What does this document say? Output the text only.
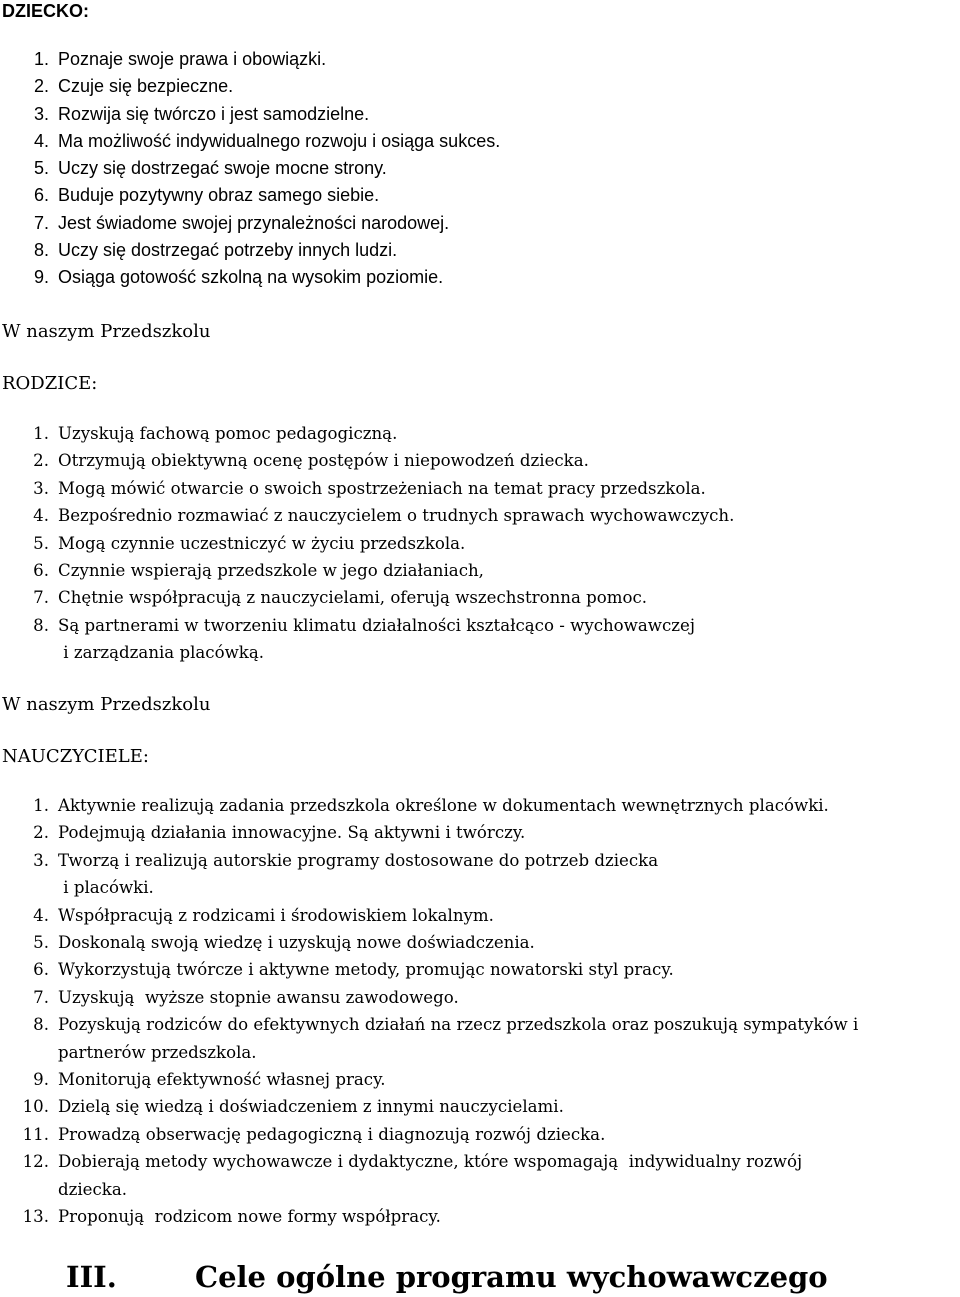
DZIECKO:
1. Poznaje swoje prawa i obowiązki.
2. Czuje się bezpieczne.
3. Rozwija się twórczo i jest samodzielne.
4. Ma możliwość indywidualnego rozwoju i osiąga sukces.
5. Uczy się dostrzegać swoje mocne strony.
6. Buduje pozytywny obraz samego siebie.
7. Jest świadome swojej przynależności narodowej.
8. Uczy się dostrzegać potrzeby innych ludzi.
9. Osiąga gotowość szkolną na wysokim poziomie.
W naszym Przedszkolu
RODZICE:
1. Uzyskują fachową pomoc pedagogiczną.
2. Otrzymują obiektywną ocenę postępów i niepowodzeń dziecka.
3. Mogą mówić otwarcie o swoich spostrzeżeniach na temat pracy przedszkola.
4. Bezpośrednio rozmawiać z nauczycielem o trudnych sprawach wychowawczych.
5. Mogą czynnie uczestniczyć w życiu przedszkola.
6. Czynnie wspierają przedszkole w jego działaniach,
7. Chętnie współpracują z nauczycielami, oferują wszechstronna pomoc.
8. Są partnerami w tworzeniu klimatu działalności kształcąco - wychowawczej
i zarządzania placówką.
W naszym Przedszkolu
NAUCZYCIELE:
1. Aktywnie realizują zadania przedszkola określone w dokumentach wewnętrznych placówki.
2. Podejmują działania innowacyjne. Są aktywni i twórczy.
3. Tworzą i realizują autorskie programy dostosowane do potrzeb dziecka
i placówki.
4. Współpracują z rodzicami i środowiskiem lokalnym.
5. Doskonalą swoją wiedzę i uzyskują nowe doświadczenia.
6. Wykorzystują twórcze i aktywne metody, promując nowatorski styl pracy.
7. Uzyskują  wyższe stopnie awansu zawodowego.
8. Pozyskują rodziców do efektywnych działań na rzecz przedszkola oraz poszukują sympatyków i
partnerów przedszkola.
9. Monitorują efektywność własnej pracy.
10. Dzielą się wiedzą i doświadczeniem z innymi nauczycielami.
11. Prowadzą obserwację pedagogiczną i diagnozują rozwój dziecka.
12. Dobierają metody wychowawcze i dydaktyczne, które wspomagają  indywidualny rozwój
dziecka.
13. Proponują  rodzicom nowe formy współpracy.
III.	Cele ogólne programu wychowawczego
